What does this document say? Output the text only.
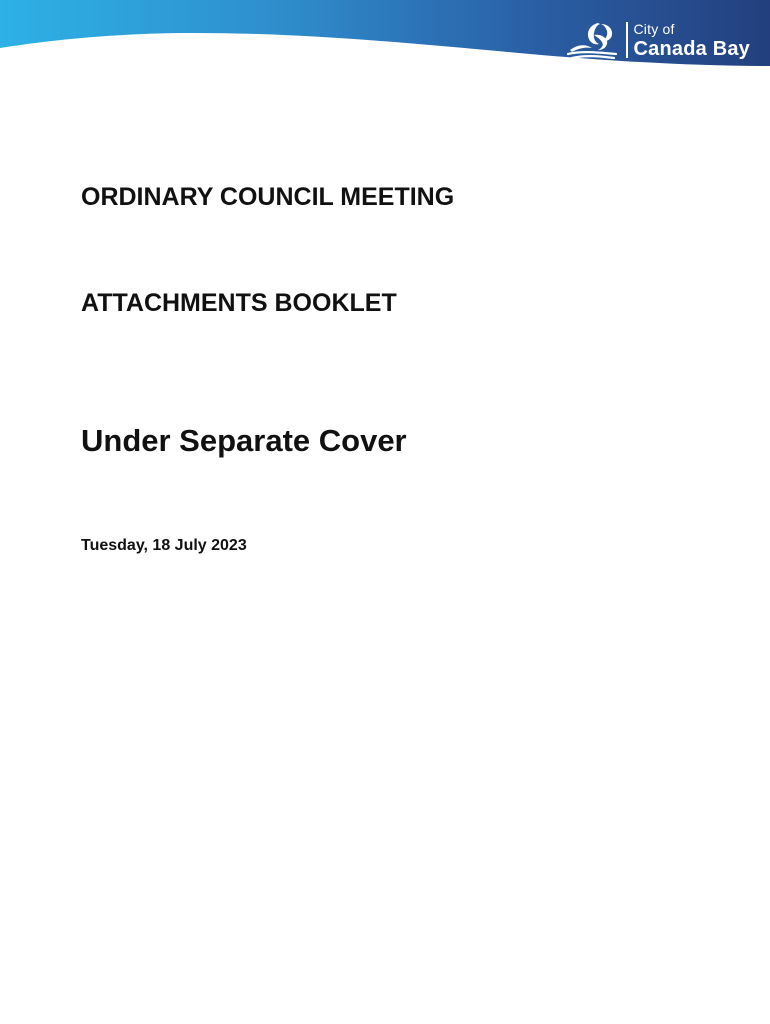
City of
Canada Bay
ORDINARY COUNCIL MEETING
ATTACHMENTS BOOKLET
Under Separate Cover

Tuesday, 18 July 2023
